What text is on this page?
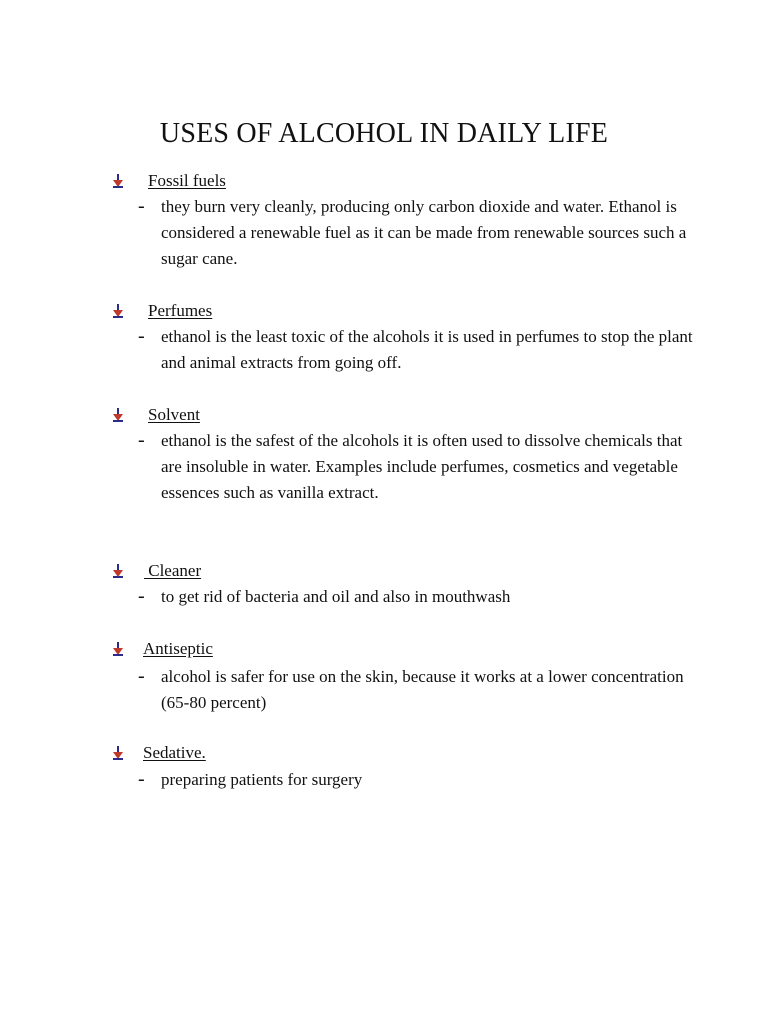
USES OF ALCOHOL IN DAILY LIFE
Fossil fuels
- they burn very cleanly, producing only carbon dioxide and water. Ethanol is considered a renewable fuel as it can be made from renewable sources such a sugar cane.
Perfumes
- ethanol is the least toxic of the alcohols it is used in perfumes to stop the plant and animal extracts from going off.
Solvent
- ethanol is the safest of the alcohols it is often used to dissolve chemicals that are insoluble in water. Examples include perfumes, cosmetics and vegetable essences such as vanilla extract.
Cleaner
- to get rid of bacteria and oil and also in mouthwash
Antiseptic
- alcohol is safer for use on the skin, because it works at a lower concentration (65-80 percent)
Sedative.
- preparing patients for surgery
